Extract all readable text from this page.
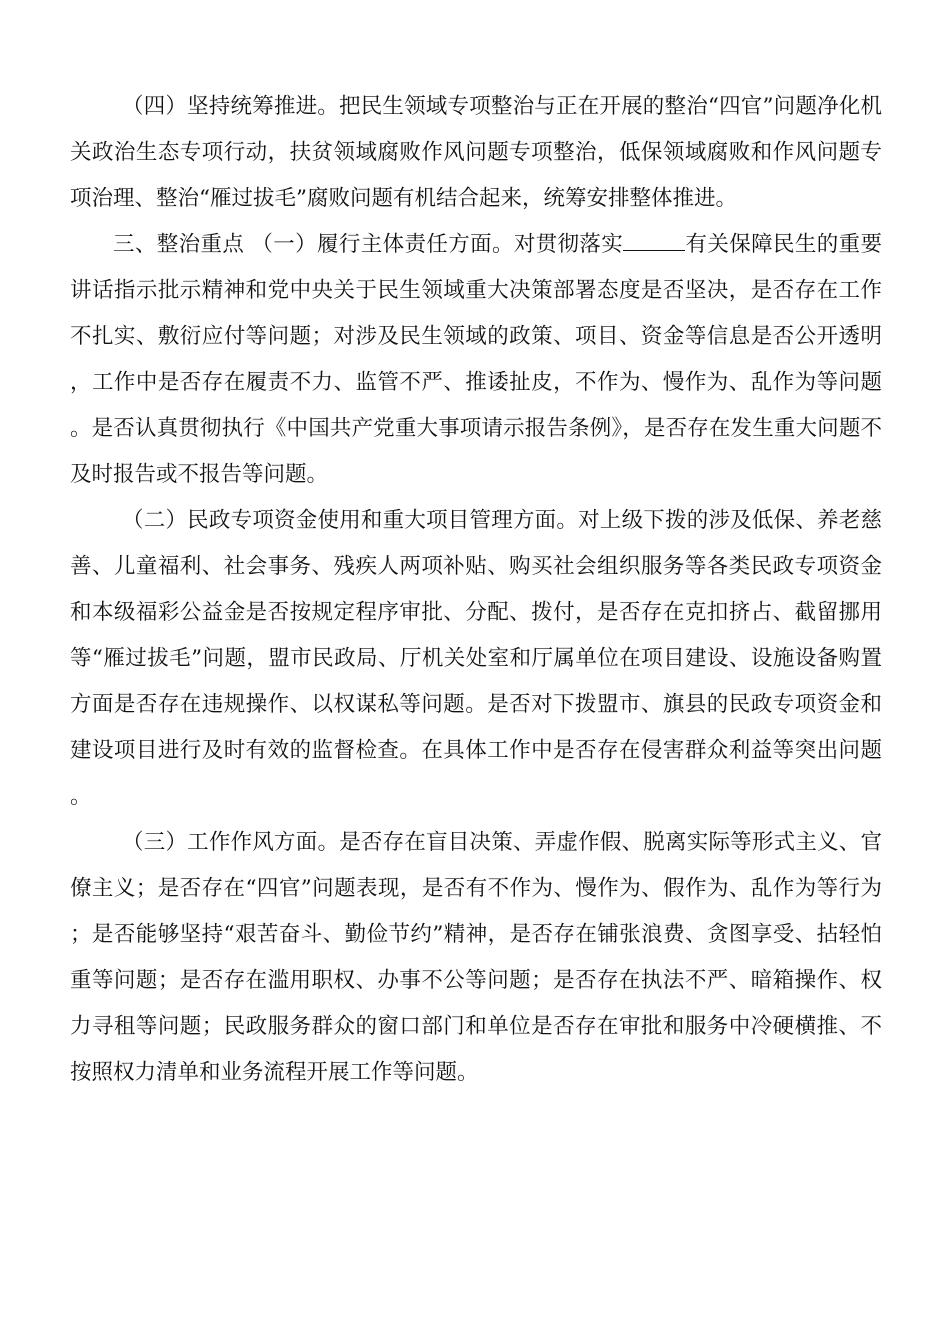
（四）坚持统筹推进。把民生领域专项整治与正在开展的整治“四官”问题净化机关政治生态专项行动，扶贫领域腐败作风问题专项整治，低保领域腐败和作风问题专项治理、整治“雁过拔毛”腐败问题有机结合起来，统筹安排整体推进。

三、整治重点 （一）履行主体责任方面。对贯彻落实	有关保障民生的重要讲话指示批示精神和党中央关于民生领域重大决策部署态度是否坚决，是否存在工作不扎实、敷衍应付等问题；对涉及民生领域的政策、项目、资金等信息是否公开透明，工作中是否存在履责不力、监管不严、推诿扯皮，不作为、慢作为、乱作为等问题。是否认真贯彻执行《中国共产党重大事项请示报告条例》，是否存在发生重大问题不及时报告或不报告等问题。

（二）民政专项资金使用和重大项目管理方面。对上级下拨的涉及低保、养老慈善、儿童福利、社会事务、残疾人两项补贴、购买社会组织服务等各类民政专项资金和本级福彩公益金是否按规定程序审批、分配、拨付，是否存在克扣挤占、截留挪用等“雁过拔毛”问题，盟市民政局、厅机关处室和厅属单位在项目建设、设施设备购置方面是否存在违规操作、以权谋私等问题。是否对下拨盟市、旗县的民政专项资金和建设项目进行及时有效的监督检查。在具体工作中是否存在侵害群众利益等突出问题。

（三）工作作风方面。是否存在盲目决策、弄虚作假、脱离实际等形式主义、官僚主义；是否存在“四官”问题表现，是否有不作为、慢作为、假作为、乱作为等行为；是否能够坚持“艰苦奋斗、勤俭节约”精神，是否存在铺张浪费、贪图享受、拈轻怕重等问题；是否存在滥用职权、办事不公等问题；是否存在执法不严、暗箱操作、权力寻租等问题；民政服务群众的窗口部门和单位是否存在审批和服务中冷硬横推、不按照权力清单和业务流程开展工作等问题。
